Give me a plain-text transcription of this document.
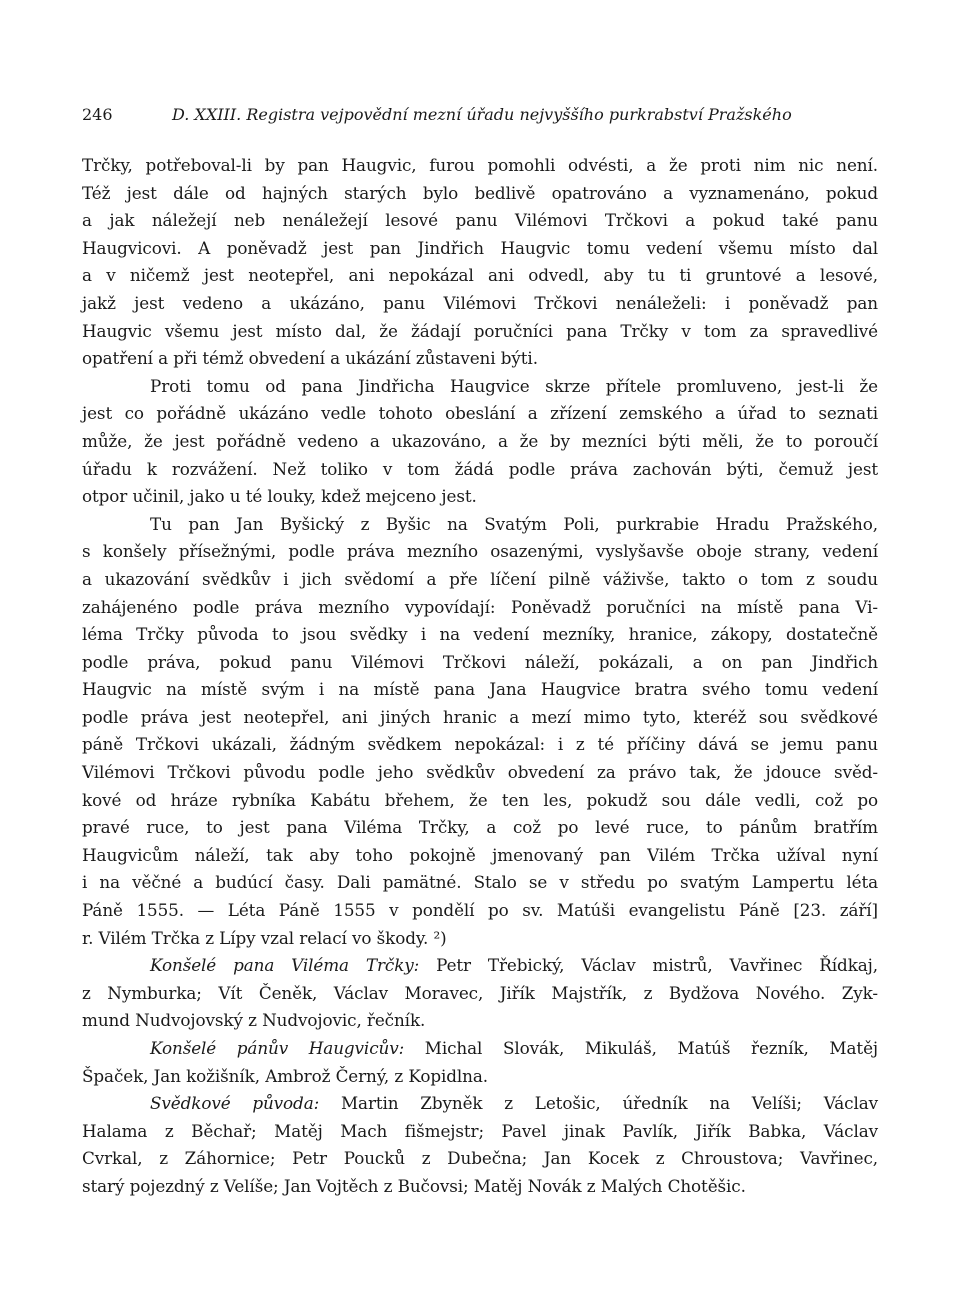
246	D. XXIII. Registra vejpovědní mezní úřadu nejvyššího purkrabství Pražského
Trčky, potřeboval-li by pan Haugvic, furou pomohli odvésti, a že proti nim nic není.
Též jest dále od hajných starých bylo bedlivě opatrováno a vyznamenáno, pokud
a jak náležejí neb nenáležejí lesové panu Vilémovi Trčkovi a pokud také panu
Haugvicovi. A poněvadž jest pan Jindřich Haugvic tomu vedení všemu místo dal
a v ničemž jest neotepřel, ani nepokázal ani odvedl, aby tu ti gruntové a lesové,
jakž jest vedeno a ukázáno, panu Vilémovi Trčkovi nenáleželi: i poněvadž pan
Haugvic všemu jest místo dal, že žádají poručníci pana Trčky v tom za spravedlivé
opatření a při témž obvedení a ukázání zůstaveni býti.
Proti tomu od pana Jindřicha Haugvice skrze přítele promluveno, jest-li že
jest co pořádně ukázáno vedle tohoto obeslání a zřízení zemského a úřad to seznati
může, že jest pořádně vedeno a ukazováno, a že by mezníci býti měli, že to poroučí
úřadu k rozvážení. Než toliko v tom žádá podle práva zachován býti, čemuž jest
otpor učinil, jako u té louky, kdež mejceno jest.
Tu pan Jan Byšický z Byšic na Svatým Poli, purkrabie Hradu Pražského,
s konšely přísežnými, podle práva mezního osazenými, vyslyšavše oboje strany, vedení
a ukazování svědkův i jich svědomí a pře líčení pilně váživše, takto o tom z soudu
zahájenéno podle práva mezního vypovídají: Poněvadž poručníci na místě pana Vi-
léma Trčky původa to jsou svědky i na vedení mezníky, hranice, zákopy, dostatečně
podle práva, pokud panu Vilémovi Trčkovi náleží, pokázali, a on pan Jindřich
Haugvic na místě svým i na místě pana Jana Haugvice bratra svého tomu vedení
podle práva jest neotepřel, ani jiných hranic a mezí mimo tyto, kteréž sou svědkové
páně Trčkovi ukázali, žádným svědkem nepokázal: i z té příčiny dává se jemu panu
Vilémovi Trčkovi původu podle jeho svědkův obvedení za právo tak, že jdouce svěd-
kové od hráze rybníka Kabátu břehem, že ten les, pokudž sou dále vedli, což po
pravé ruce, to jest pana Viléma Trčky, a což po levé ruce, to pánům bratřím
Haugvicům náleží, tak aby toho pokojně jmenovaný pan Vilém Trčka užíval nyní
i na věčné a budúcí časy. Dali pamätné. Stalo se v středu po svatým Lampertu léta
Páně 1555. — Léta Páně 1555 v pondělí po sv. Matúši evangelistu Páně [23. září]
r. Vilém Trčka z Lípy vzal relací vo škody. ²)
Konšelé pana Viléma Trčky: Petr Třebický, Václav mistrů, Vavřinec Řídkaj,
z Nymburka; Vít Čeněk, Václav Moravec, Jiřík Majstřík, z Bydžova Nového. Zyk-
mund Nudvojovský z Nudvojovic, řečník.
Konšelé pánův Haugvicův: Michal Slovák, Mikuláš, Matúš řezník, Matěj
Špaček, Jan kožišník, Ambrož Černý, z Kopidlna.
Svědkové původa: Martin Zbyněk z Letošic, úředník na Velíši; Václav
Halama z Běchař; Matěj Mach fišmejstr; Pavel jinak Pavlík, Jiřík Babka, Václav
Cvrkal, z Záhornice; Petr Poucků z Dubečna; Jan Kocek z Chroustova; Vavřinec,
starý pojezdný z Velíše; Jan Vojtěch z Bučovsi; Matěj Novák z Malých Chotěšic.
